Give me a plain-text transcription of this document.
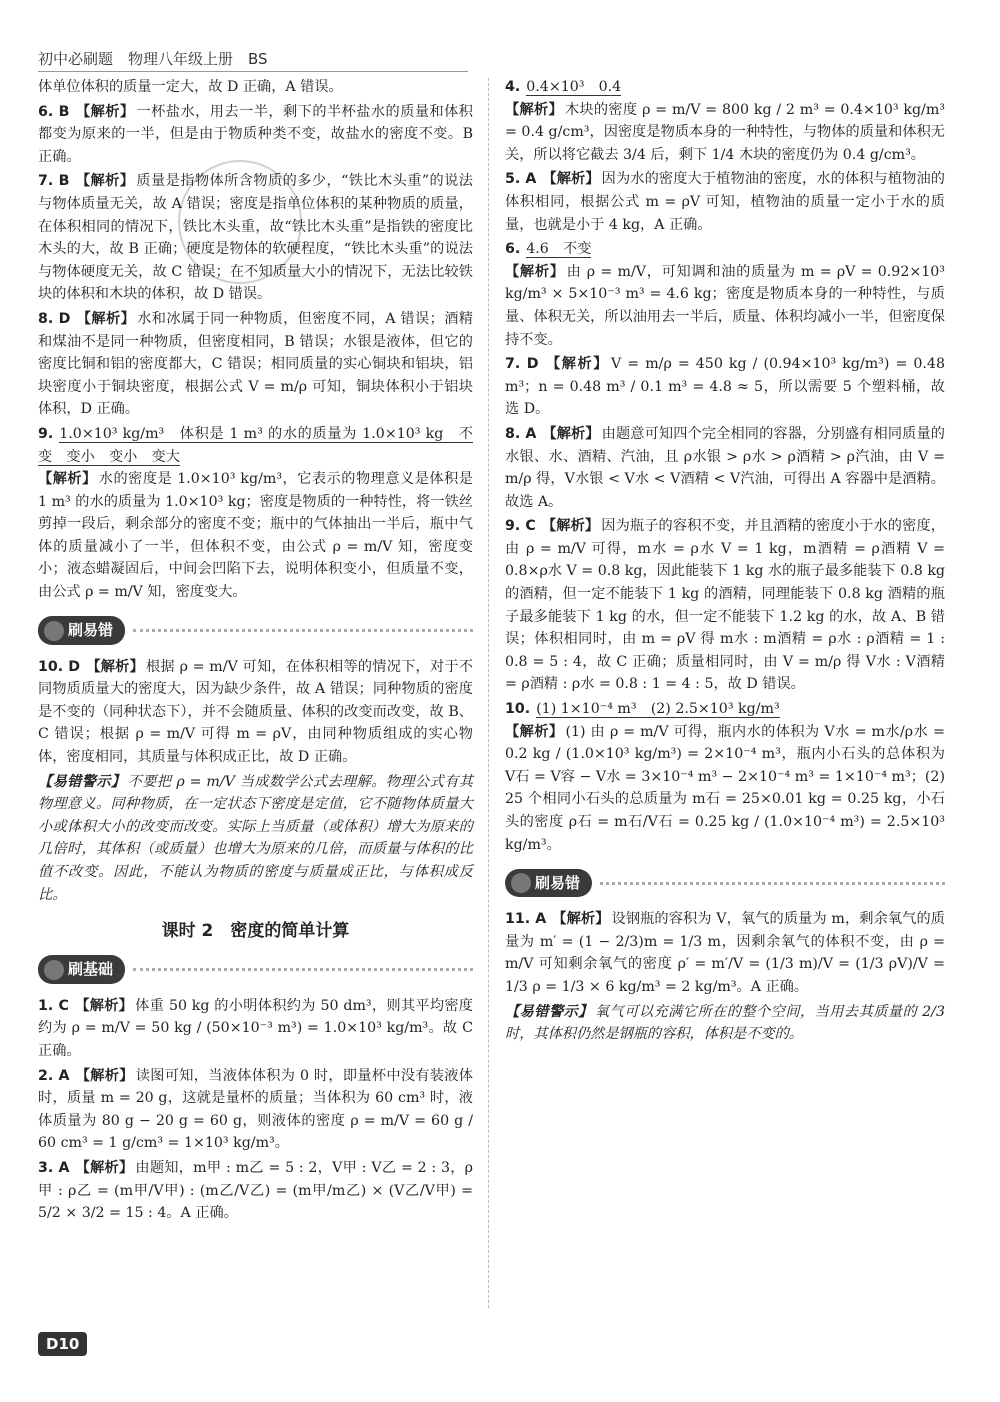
初中必刷题　物理八年级上册　BS

体单位体积的质量一定大，故 D 正确，A 错误。

6. B 【解析】 一杯盐水，用去一半，剩下的半杯盐水的质量和体积都变为原来的一半，但是由于物质种类不变，故盐水的密度不变。B 正确。

7. B 【解析】 质量是指物体所含物质的多少，“铁比木头重”的说法与物体质量无关，故 A 错误；密度是指单位体积的某种物质的质量，在体积相同的情况下，铁比木头重，故“铁比木头重”是指铁的密度比木头的大，故 B 正确；硬度是物体的软硬程度，“铁比木头重”的说法与物体硬度无关，故 C 错误；在不知质量大小的情况下，无法比较铁块的体积和木块的体积，故 D 错误。

8. D 【解析】 水和冰属于同一种物质，但密度不同，A 错误；酒精和煤油不是同一种物质，但密度相同，B 错误；水银是液体，但它的密度比铜和铝的密度都大，C 错误；相同质量的实心铜块和铝块，铝块密度小于铜块密度，根据公式 V = m/ρ 可知，铜块体积小于铝块体积，D 正确。

9. 1.0×10³ kg/m³　体积是 1 m³ 的水的质量为 1.0×10³ kg　不变　变小　变小　变大
【解析】 水的密度是 1.0×10³ kg/m³，它表示的物理意义是体积是 1 m³ 的水的质量为 1.0×10³ kg；密度是物质的一种特性，将一铁丝剪掉一段后，剩余部分的密度不变；瓶中的气体抽出一半后，瓶中气体的质量减小了一半，但体积不变，由公式 ρ = m/V 知，密度变小；液态蜡凝固后，中间会凹陷下去，说明体积变小，但质量不变，由公式 ρ = m/V 知，密度变大。

刷易错

10. D 【解析】 根据 ρ = m/V 可知，在体积相等的情况下，对于不同物质质量大的密度大，因为缺少条件，故 A 错误；同种物质的密度是不变的（同种状态下），并不会随质量、体积的改变而改变，故 B、C 错误；根据 ρ = m/V 可得 m = ρV，由同种物质组成的实心物体，密度相同，其质量与体积成正比，故 D 正确。

【易错警示】 不要把 ρ = m/V 当成数学公式去理解。物理公式有其物理意义。同种物质，在一定状态下密度是定值，它不随物体质量大小或体积大小的改变而改变。实际上当质量（或体积）增大为原来的几倍时，其体积（或质量）也增大为原来的几倍，而质量与体积的比值不改变。因此，不能认为物质的密度与质量成正比，与体积成反比。

课时 2　密度的简单计算
刷基础

1. C 【解析】 体重 50 kg 的小明体积约为 50 dm³，则其平均密度约为 ρ = m/V = 50 kg / (50×10⁻³ m³) = 1.0×10³ kg/m³。故 C 正确。

2. A 【解析】 读图可知，当液体体积为 0 时，即量杯中没有装液体时，质量 m = 20 g，这就是量杯的质量；当体积为 60 cm³ 时，液体质量为 80 g − 20 g = 60 g，则液体的密度 ρ = m/V = 60 g / 60 cm³ = 1 g/cm³ = 1×10³ kg/m³。

3. A 【解析】 由题知，m甲 : m乙 = 5 : 2，V甲 : V乙 = 2 : 3，ρ甲 : ρ乙 = (m甲/V甲) : (m乙/V乙) = (m甲/m乙) × (V乙/V甲) = 5/2 × 3/2 = 15 : 4。A 正确。

4. 0.4×10³　0.4
【解析】 木块的密度 ρ = m/V = 800 kg / 2 m³ = 0.4×10³ kg/m³ = 0.4 g/cm³，因密度是物质本身的一种特性，与物体的质量和体积无关，所以将它截去 3/4 后，剩下 1/4 木块的密度仍为 0.4 g/cm³。

5. A 【解析】 因为水的密度大于植物油的密度，水的体积与植物油的体积相同，根据公式 m = ρV 可知，植物油的质量一定小于水的质量，也就是小于 4 kg，A 正确。

6. 4.6　不变
【解析】 由 ρ = m/V，可知调和油的质量为 m = ρV = 0.92×10³ kg/m³ × 5×10⁻³ m³ = 4.6 kg；密度是物质本身的一种特性，与质量、体积无关，所以油用去一半后，质量、体积均减小一半，但密度保持不变。

7. D 【解析】 V = m/ρ = 450 kg / (0.94×10³ kg/m³) = 0.48 m³；n = 0.48 m³ / 0.1 m³ = 4.8 ≈ 5，所以需要 5 个塑料桶，故选 D。

8. A 【解析】 由题意可知四个完全相同的容器，分别盛有相同质量的水银、水、酒精、汽油，且 ρ水银 > ρ水 > ρ酒精 > ρ汽油，由 V = m/ρ 得，V水银 < V水 < V酒精 < V汽油，可得出 A 容器中是酒精。故选 A。

9. C 【解析】 因为瓶子的容积不变，并且酒精的密度小于水的密度，由 ρ = m/V 可得，m水 = ρ水 V = 1 kg，m酒精 = ρ酒精 V = 0.8×ρ水 V = 0.8 kg，因此能装下 1 kg 水的瓶子最多能装下 0.8 kg 的酒精，但一定不能装下 1 kg 的酒精，同理能装下 0.8 kg 酒精的瓶子最多能装下 1 kg 的水，但一定不能装下 1.2 kg 的水，故 A、B 错误；体积相同时，由 m = ρV 得 m水 : m酒精 = ρ水 : ρ酒精 = 1 : 0.8 = 5 : 4，故 C 正确；质量相同时，由 V = m/ρ 得 V水 : V酒精 = ρ酒精 : ρ水 = 0.8 : 1 = 4 : 5，故 D 错误。

10. (1) 1×10⁻⁴ m³　(2) 2.5×10³ kg/m³
【解析】 (1) 由 ρ = m/V 可得，瓶内水的体积为 V水 = m水/ρ水 = 0.2 kg / (1.0×10³ kg/m³) = 2×10⁻⁴ m³，瓶内小石头的总体积为 V石 = V容 − V水 = 3×10⁻⁴ m³ − 2×10⁻⁴ m³ = 1×10⁻⁴ m³；(2) 25 个相同小石头的总质量为 m石 = 25×0.01 kg = 0.25 kg，小石头的密度 ρ石 = m石/V石 = 0.25 kg / (1.0×10⁻⁴ m³) = 2.5×10³ kg/m³。

刷易错

11. A 【解析】 设钢瓶的容积为 V，氧气的质量为 m，剩余氧气的质量为 m′ = (1 − 2/3)m = 1/3 m，因剩余氧气的体积不变，由 ρ = m/V 可知剩余氧气的密度 ρ′ = m′/V = (1/3 m)/V = (1/3 ρV)/V = 1/3 ρ = 1/3 × 6 kg/m³ = 2 kg/m³。A 正确。

【易错警示】 氧气可以充满它所在的整个空间，当用去其质量的 2/3 时，其体积仍然是钢瓶的容积，体积是不变的。

D10
